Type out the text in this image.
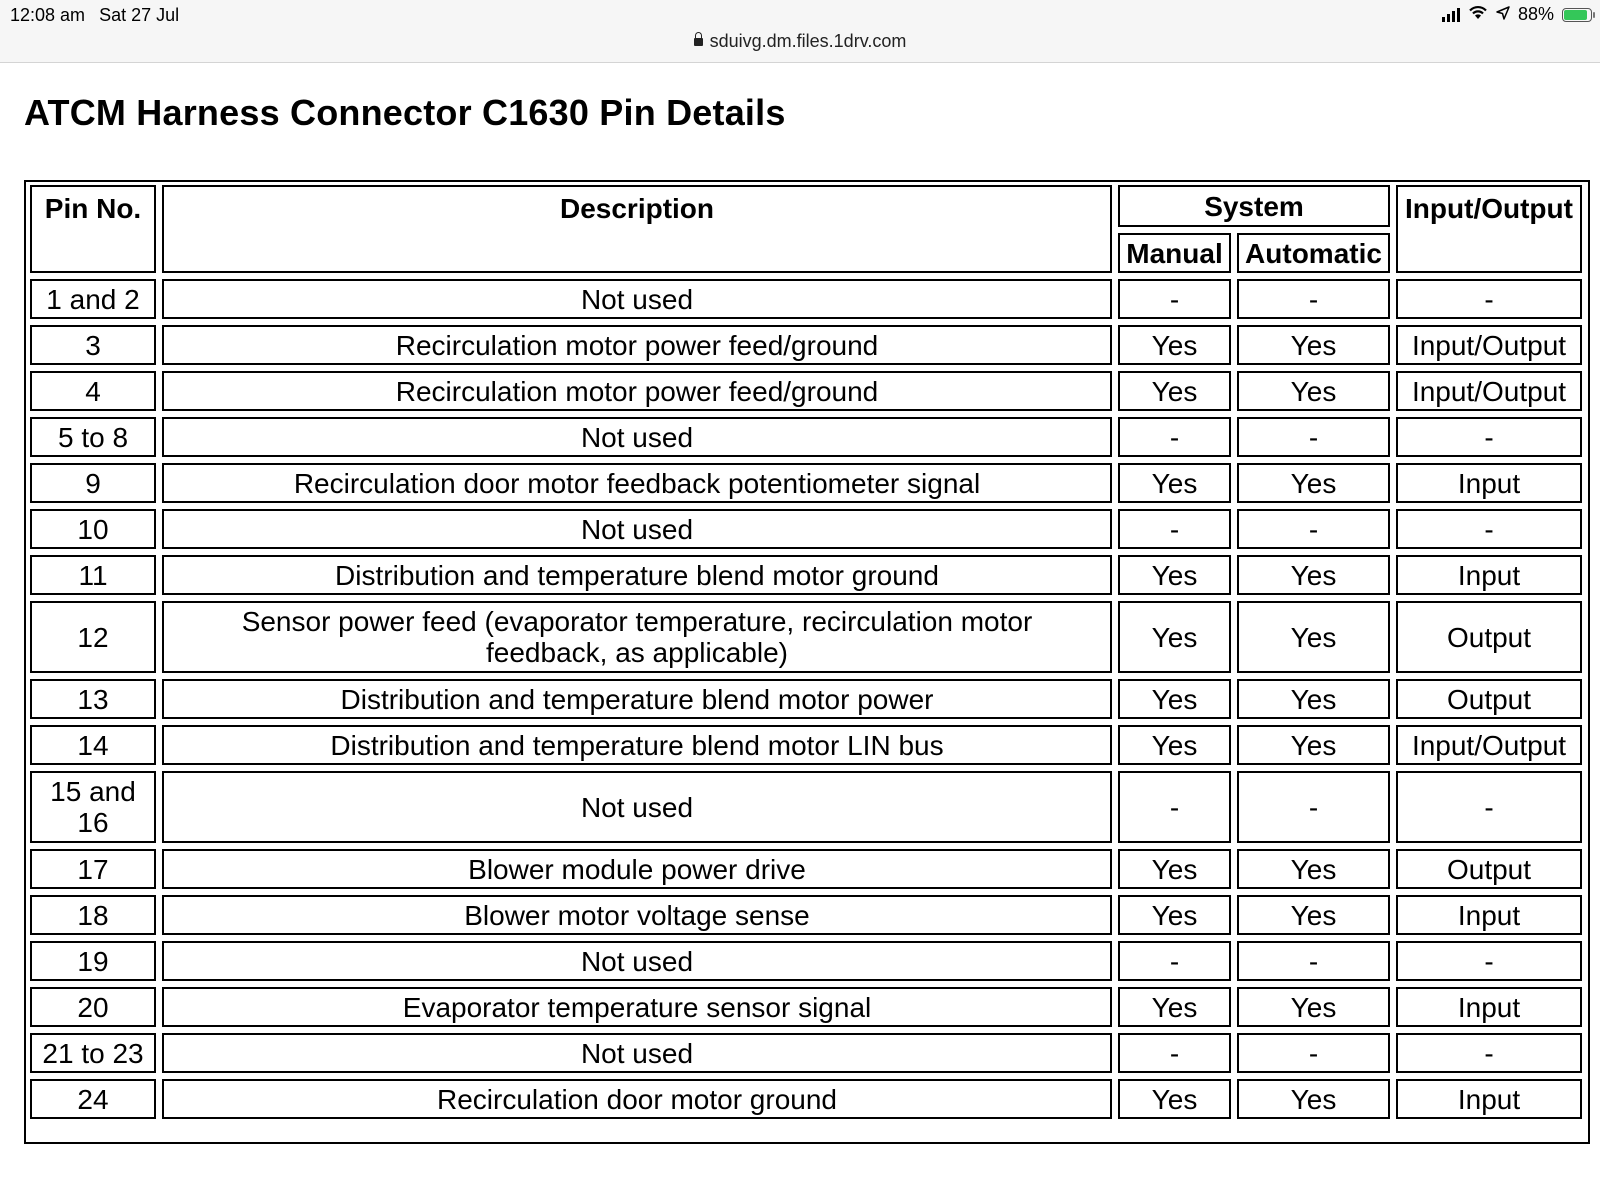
12:08 am Sat 27 Jul	88%
sduivg.dm.files.1drv.com
ATCM Harness Connector C1630 Pin Details
Pin No.	Description	System		Input/Output
		Manual	Automatic	
1 and 2	Not used	-	-	-
3	Recirculation motor power feed/ground	Yes	Yes	Input/Output
4	Recirculation motor power feed/ground	Yes	Yes	Input/Output
5 to 8	Not used	-	-	-
9	Recirculation door motor feedback potentiometer signal	Yes	Yes	Input
10	Not used	-	-	-
11	Distribution and temperature blend motor ground	Yes	Yes	Input
12	Sensor power feed (evaporator temperature, recirculation motor feedback, as applicable)	Yes	Yes	Output
13	Distribution and temperature blend motor power	Yes	Yes	Output
14	Distribution and temperature blend motor LIN bus	Yes	Yes	Input/Output
15 and 16	Not used	-	-	-
17	Blower module power drive	Yes	Yes	Output
18	Blower motor voltage sense	Yes	Yes	Input
19	Not used	-	-	-
20	Evaporator temperature sensor signal	Yes	Yes	Input
21 to 23	Not used	-	-	-
24	Recirculation door motor ground	Yes	Yes	Input
